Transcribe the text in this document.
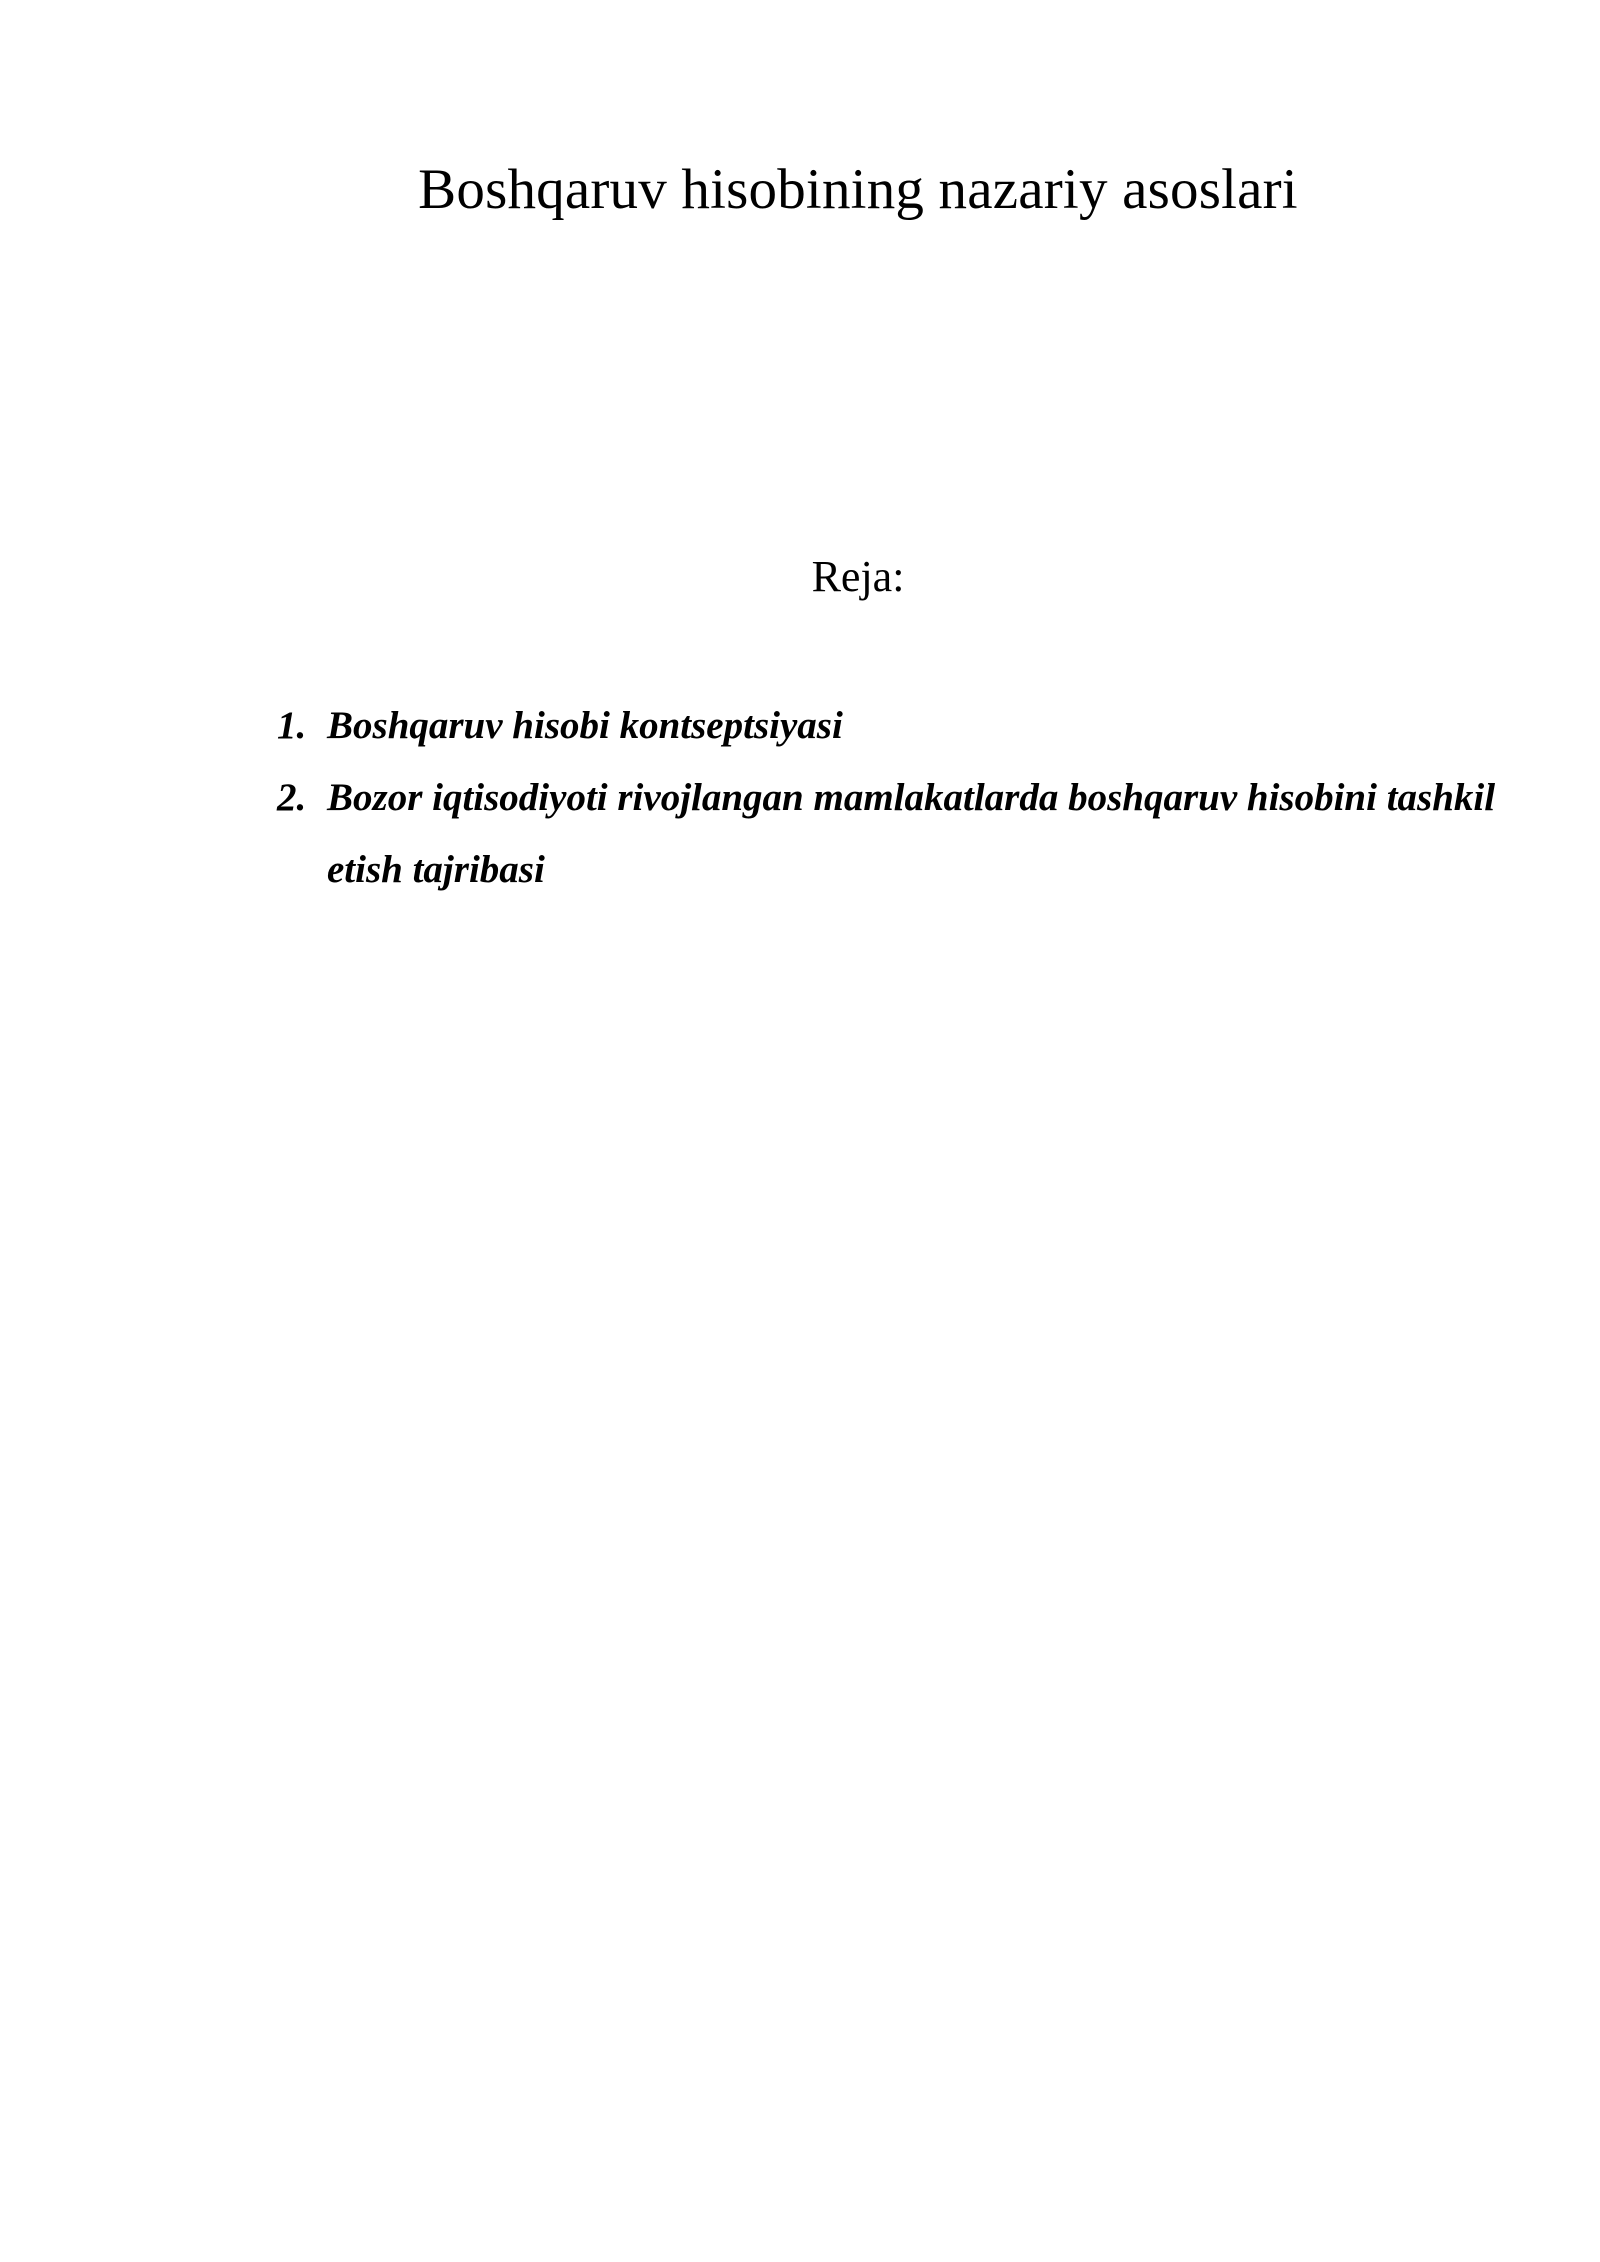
Boshqaruv hisobining nazariy asoslari
Reja:
1. Boshqaruv hisobi kontseptsiyasi
2. Bozor iqtisodiyoti rivojlangan mamlakatlarda boshqaruv hisobini tashkil etish tajribasi
